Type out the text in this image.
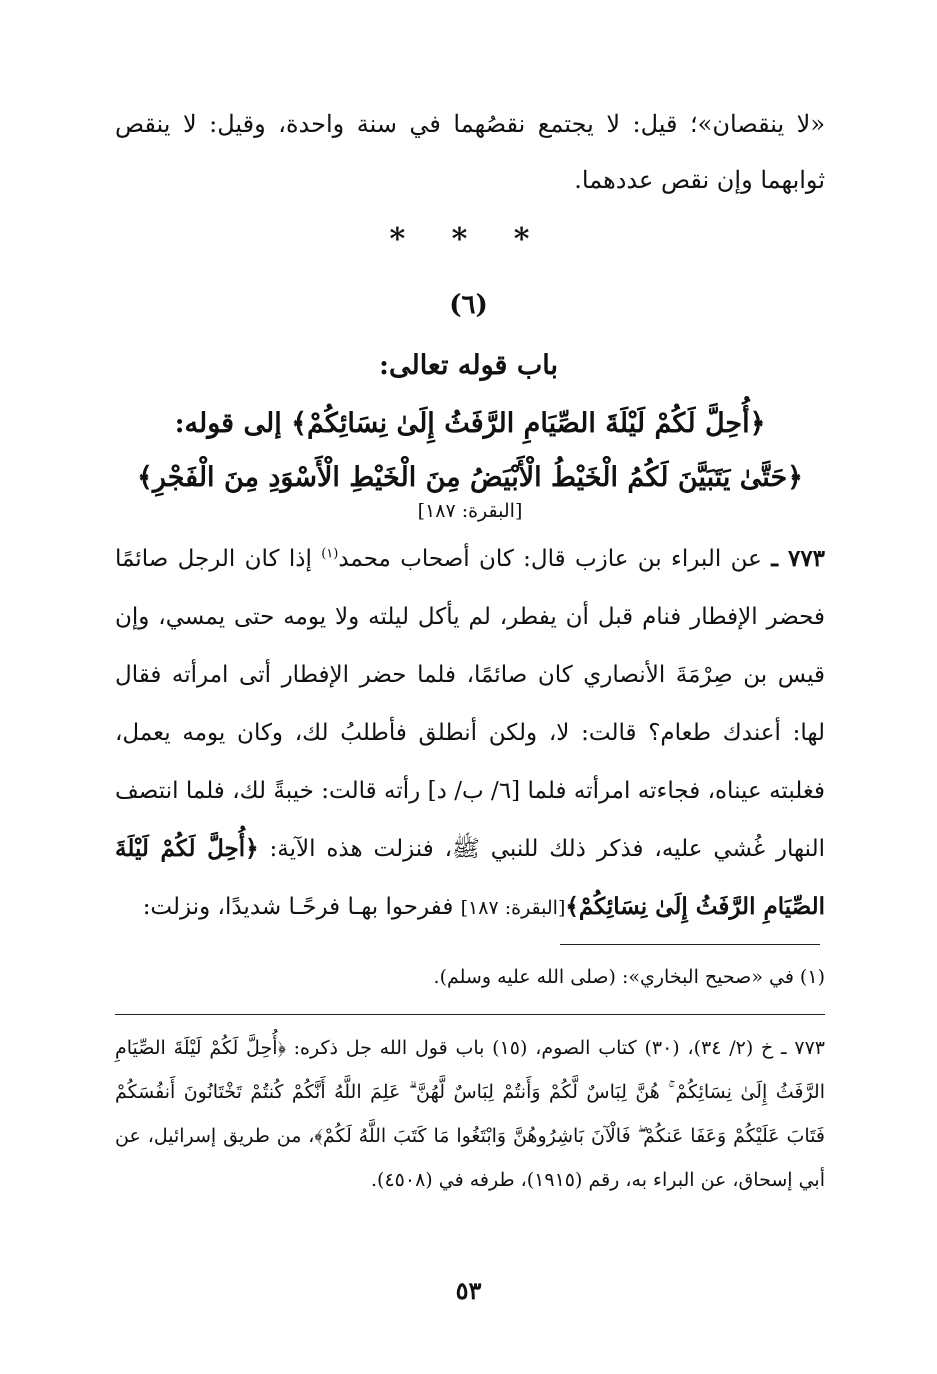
«لا ينقصان»؛ قيل: لا يجتمع نقصُهما في سنة واحدة، وقيل: لا ينقص ثوابهما وإن نقص عددهما.

* * *
(٦)
باب قوله تعالى:
﴿أُحِلَّ لَكُمْ لَيْلَةَ الصِّيَامِ الرَّفَثُ إِلَىٰ نِسَائِكُمْ﴾ إلى قوله:
﴿حَتَّىٰ يَتَبَيَّنَ لَكُمُ الْخَيْطُ الْأَبْيَضُ مِنَ الْخَيْطِ الْأَسْوَدِ مِنَ الْفَجْرِ﴾[البقرة: ١٨٧]

٧٧٣ ـ عن البراء بن عازب قال: كان أصحاب محمد$^{(١)}$ إذا كان الرجل صائمًا فحضر الإفطار فنام قبل أن يفطر، لم يأكل ليلته ولا يومه حتى يمسي، وإن قيس بن صِرْمَةَ الأنصاري كان صائمًا، فلما حضر الإفطار أتى امرأته فقال لها: أعندك طعام؟ قالت: لا، ولكن أنطلق فأطلبُ لك، وكان يومه يعمل، فغلبته عيناه، فجاءته امرأته فلما [٦/ ب/ د] رأته قالت: خيبةً لك، فلما انتصف النهار غُشي عليه، فذكر ذلك للنبي ﷺ، فنزلت هذه الآية: ﴿أُحِلَّ لَكُمْ لَيْلَةَ الصِّيَامِ الرَّفَثُ إِلَىٰ نِسَائِكُمْ﴾[البقرة: ١٨٧] ففرحوا بهـا فرحًـا شديدًا، ونزلت:

(١) في «صحيح البخاري»: (صلى الله عليه وسلم).

٧٧٣ ـ خ (٢/ ٣٤)، (٣٠) كتاب الصوم، (١٥) باب قول الله جل ذكره: ﴿أُحِلَّ لَكُمْ لَيْلَةَ الصِّيَامِ الرَّفَثُ إِلَىٰ نِسَائِكُمْ ۚ هُنَّ لِبَاسٌ لَّكُمْ وَأَنتُمْ لِبَاسٌ لَّهُنَّ ۗ عَلِمَ اللَّهُ أَنَّكُمْ كُنتُمْ تَخْتَانُونَ أَنفُسَكُمْ فَتَابَ عَلَيْكُمْ وَعَفَا عَنكُمْ ۖ فَالْآنَ بَاشِرُوهُنَّ وَابْتَغُوا مَا كَتَبَ اللَّهُ لَكُمْ﴾، من طريق إسرائيل، عن أبي إسحاق، عن البراء به، رقم (١٩١٥)، طرفه في (٤٥٠٨).

٥٣
